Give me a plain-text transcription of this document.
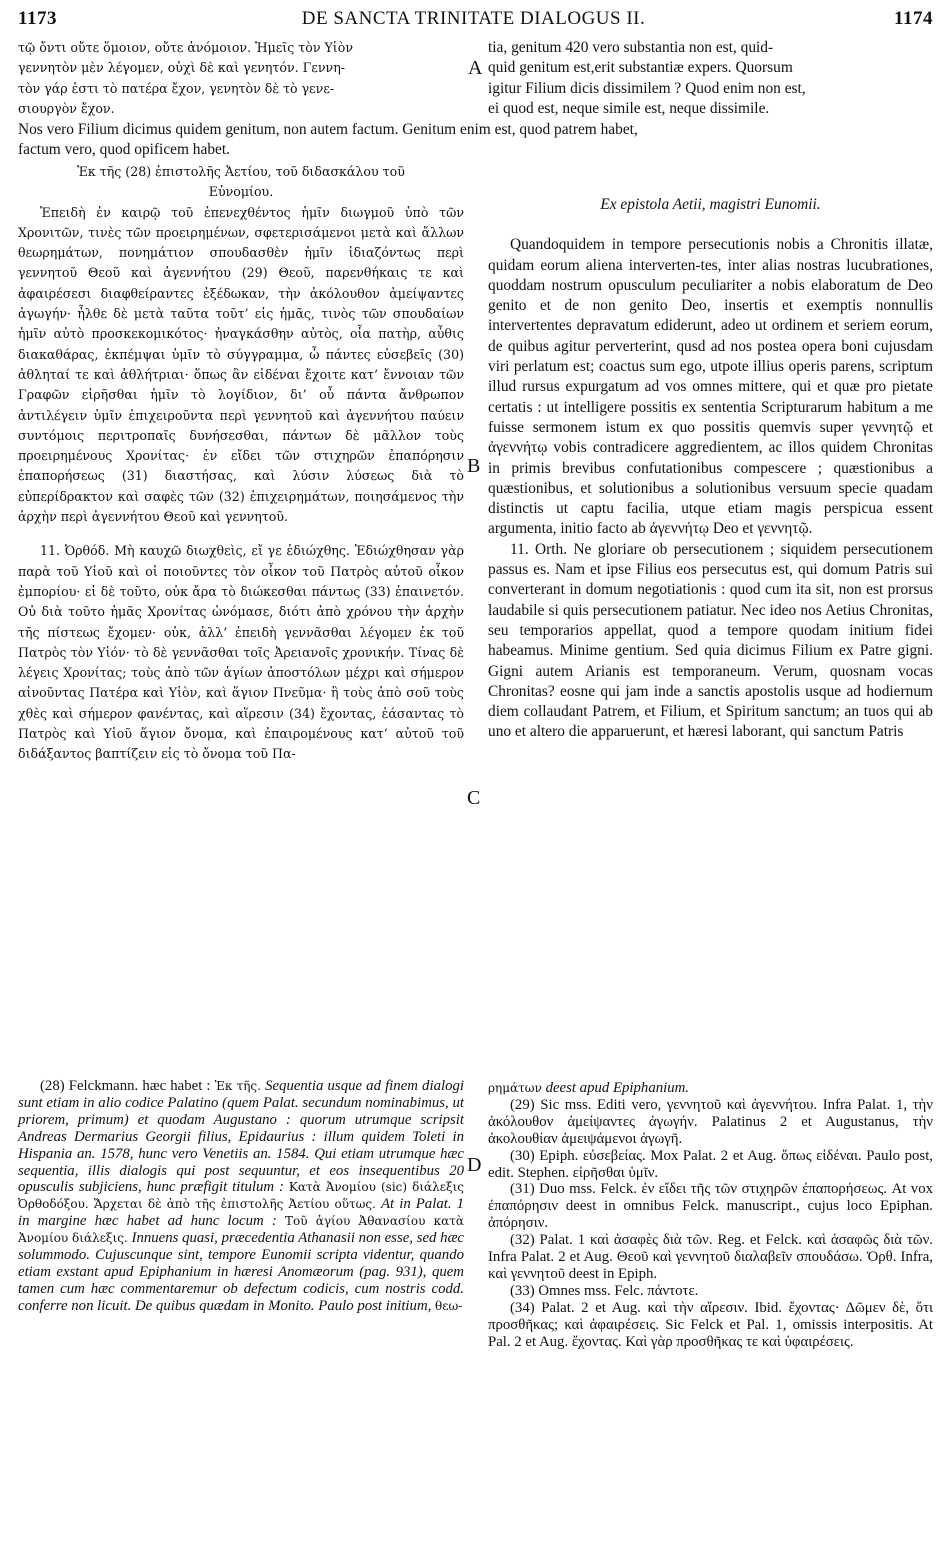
1173	DE SANCTA TRINITATE DIALOGUS II.	1174
A
B
C
D
τῷ ὄντι οὔτε ὅμοιον, οὔτε ἀνόμοιον. Ἡμεῖς τὸν Υἱὸν
γεννητὸν μὲν λέγομεν, οὐχὶ δὲ καὶ γενητόν. Γεννη-
τὸν γάρ ἐστι τὸ πατέρα ἔχον, γενητὸν δὲ τὸ γενε-
σιουργὸν ἔχον.
tia, genitum 420 vero substantia non est, quid-
quid genitum est,erit substantiæ expers. Quorsum
igitur Filium dicis dissimilem ? Quod enim non est,
ei quod est, neque simile est, neque dissimile.
Nos vero Filium dicimus quidem genitum, non autem factum. Genitum enim est, quod patrem habet,
factum vero, quod opificem habet.
Ἐκ τῆς (28) ἐπιστολῆς Ἀετίου, τοῦ διδασκάλου τοῦ
Εὐνομίου.

Ἐπειδὴ ἐν καιρῷ τοῦ ἐπενεχθέντος ἡμῖν διωγμοῦ ὑπὸ τῶν Χρονιτῶν, τινὲς τῶν προειρημένων, σφετερισάμενοι μετὰ καὶ ἄλλων θεωρημάτων, πονημάτιον σπουδασθὲν ἡμῖν ἰδιαζόντως περὶ γεννητοῦ Θεοῦ καὶ ἀγεννήτου (29) Θεοῦ, παρενθήκαις τε καὶ ἀφαιρέσεσι διαφθείραντες ἐξέδωκαν, τὴν ἀκόλουθον ἀμείψαντες ἀγωγήν· ἦλθε δὲ μετὰ ταῦτα τοῦτ’ εἰς ἡμᾶς, τινὸς τῶν σπουδαίων ἡμῖν αὐτὸ προσκεκομικότος· ἠναγκάσθην αὐτὸς, οἷα πατὴρ, αὖθις διακαθάρας, ἐκπέμψαι ὑμῖν τὸ σύγγραμμα, ὦ πάντες εὐσεβεῖς (30) ἀθληταί τε καὶ ἀθλήτριαι· ὅπως ἂν εἰδέναι ἔχοιτε κατ’ ἔννοιαν τῶν Γραφῶν εἰρῆσθαι ἡμῖν τὸ λογίδιον, δι’ οὗ πάντα ἄνθρωπον ἀντιλέγειν ὑμῖν ἐπιχειροῦντα περὶ γεννητοῦ καὶ ἀγεννήτου παύειν συντόμοις περιτροπαῖς δυνήσεσθαι, πάντων δὲ μᾶλλον τοὺς προειρημένους Χρονίτας· ἐν εἴδει τῶν στιχηρῶν ἐπαπόρησιν ἐπαπορήσεως (31) διαστήσας, καὶ λύσιν λύσεως διὰ τὸ εὐπερίδρακτον καὶ σαφὲς τῶν (32) ἐπιχειρημάτων, ποιησάμενος τὴν ἀρχὴν περὶ ἀγεννήτου Θεοῦ καὶ γεννητοῦ.

11. Ὀρθόδ. Μὴ καυχῶ διωχθεὶς, εἴ γε ἐδιώχθης. Ἐδιώχθησαν γὰρ παρὰ τοῦ Υἱοῦ καὶ οἱ ποιοῦντες τὸν οἶκον τοῦ Πατρὸς αὐτοῦ οἶκον ἐμπορίου· εἰ δὲ τοῦτο, οὐκ ἄρα τὸ διώκεσθαι πάντως (33) ἐπαινετόν. Οὐ διὰ τοῦτο ἡμᾶς Χρονίτας ὠνόμασε, διότι ἀπὸ χρόνου τὴν ἀρχὴν τῆς πίστεως ἔχομεν· οὐκ, ἀλλ’ ἐπειδὴ γεννᾶσθαι λέγομεν ἐκ τοῦ Πατρὸς τὸν Υἱόν· τὸ δὲ γεννᾶσθαι τοῖς Ἀρειανοῖς χρονικήν. Τίνας δὲ λέγεις Χρονίτας; τοὺς ἀπὸ τῶν ἁγίων ἀποστόλων μέχρι καὶ σήμερον αἰνοῦντας Πατέρα καὶ Υἱὸν, καὶ ἅγιον Πνεῦμα· ἢ τοὺς ἀπὸ σοῦ τοὺς χθὲς καὶ σήμερον φανέντας, καὶ αἵρεσιν (34) ἔχοντας, ἐάσαντας τὸ Πατρὸς καὶ Υἱοῦ ἅγιον ὄνομα, καὶ ἐπαιρομένους κατ’ αὐτοῦ τοῦ διδάξαντος βαπτίζειν εἰς τὸ ὄνομα τοῦ Πα-

Ex epistola Aetii, magistri Eunomii.

Quandoquidem in tempore persecutionis nobis a Chronitis illatæ, quidam eorum aliena interverten-tes, inter alias nostras lucubrationes, quoddam nostrum opusculum peculiariter a nobis elaboratum de Deo genito et de non genito Deo, insertis et exemptis nonnullis intervertentes depravatum ediderunt, adeo ut ordinem et seriem eorum, de quibus agitur perverterint, qusd ad nos postea opera boni cujusdam viri perlatum est; coactus sum ego, utpote illius operis parens, scriptum illud rursus expurgatum ad vos omnes mittere, qui et quæ pro pietate certatis : ut intelligere possitis ex sententia Scripturarum habitum a me fuisse sermonem istum ex quo possitis quemvis super γεννητῷ et ἀγεννήτῳ vobis contradicere aggredientem, ac illos quidem Chronitas in primis brevibus confutationibus compescere ; quæstionibus a quæstionibus, et solutionibus a solutionibus versuum specie quadam distinctis ut captu facilia, utque etiam magis perspicua essent argumenta, initio facto ab ἀγεννήτῳ Deo et γεννητῷ.

11. Orth. Ne gloriare ob persecutionem ; siquidem persecutionem passus es. Nam et ipse Filius eos persecutus est, qui domum Patris sui converterant in domum negotiationis : quod cum ita sit, non est prorsus laudabile si quis persecutionem patiatur. Nec ideo nos Aetius Chronitas, seu temporarios appellat, quod a tempore quodam initium fidei habeamus. Minime gentium. Sed quia dicimus Filium ex Patre gigni. Gigni autem Arianis est temporaneum. Verum, quosnam vocas Chronitas? eosne qui jam inde a sanctis apostolis usque ad hodiernum diem collaudant Patrem, et Filium, et Spiritum sanctum; an tuos qui ab uno et altero die apparuerunt, et hæresi laborant, qui sanctum Patris

(28) Felckmann. hæc habet : Ἐκ τῆς. Sequentia usque ad finem dialogi sunt etiam in alio codice Palatino (quem Palat. secundum nominabimus, ut priorem, primum) et quodam Augustano : quorum utrumque scripsit Andreas Dermarius Georgii filius, Epidaurius : illum quidem Toleti in Hispania an. 1578, hunc vero Venetiis an. 1584. Qui etiam utrumque hæc sequentia, illis dialogis qui post sequuntur, et eos insequentibus 20 opusculis subjiciens, hunc præfigit titulum : Κατὰ Ἀνομίου (sic) διάλεξις Ὀρθοδόξου. Ἄρχεται δὲ ἀπὸ τῆς ἐπιστολῆς Ἀετίου οὕτως. At in Palat. 1 in margine hæc habet ad hunc locum : Τοῦ ἁγίου Ἀθανασίου κατὰ Ἀνομίου διάλεξις. Innuens quasi, præcedentia Athanasii non esse, sed hæc solummodo. Cujuscunque sint, tempore Eunomii scripta videntur, quando etiam exstant apud Epiphanium in hæresi Anomæorum (pag. 931), quem tamen cum hæc commentaremur ob defectum codicis, cum nostris codd. conferre non licuit. De quibus quædam in Monito. Paulo post initium, θεω-

ρημάτων deest apud Epiphanium.

(29) Sic mss. Editi vero, γεννητοῦ καὶ ἀγεννήτου. Infra Palat. 1, τὴν ἀκόλουθον ἀμείψαντες ἀγωγήν. Palatinus 2 et Augustanus, τὴν ἀκολουθίαν ἀμειψάμενοι ἀγωγῆ.

(30) Epiph. εὐσεβείας. Mox Palat. 2 et Aug. ὅπως εἰδέναι. Paulo post, edit. Stephen. εἰρῆσθαι ὑμῖν.

(31) Duo mss. Felck. ἐν εἴδει τῆς τῶν στιχηρῶν ἐπαπορήσεως. At vox ἐπαπόρησιν deest in omnibus Felck. manuscript., cujus loco Epiphan. ἀπόρησιν.

(32) Palat. 1 καὶ ἀσαφὲς διὰ τῶν. Reg. et Felck. καὶ ἀσαφῶς διὰ τῶν. Infra Palat. 2 et Aug. Θεοῦ καὶ γεννητοῦ διαλαβεῖν σπουδάσω. Ὀρθ. Infra, καὶ γεννητοῦ deest in Epiph.

(33) Omnes mss. Felc. πάντοτε.

(34) Palat. 2 et Aug. καὶ τὴν αἵρεσιν. Ibid. ἔχοντας· Δῶμεν δὲ, ὅτι προσθῆκας; καὶ ἀφαιρέσεις. Sic Felck et Pal. 1, omissis interpositis. At Pal. 2 et Aug. ἔχοντας. Καὶ γὰρ προσθῆκας τε καὶ ὑφαιρέσεις.
